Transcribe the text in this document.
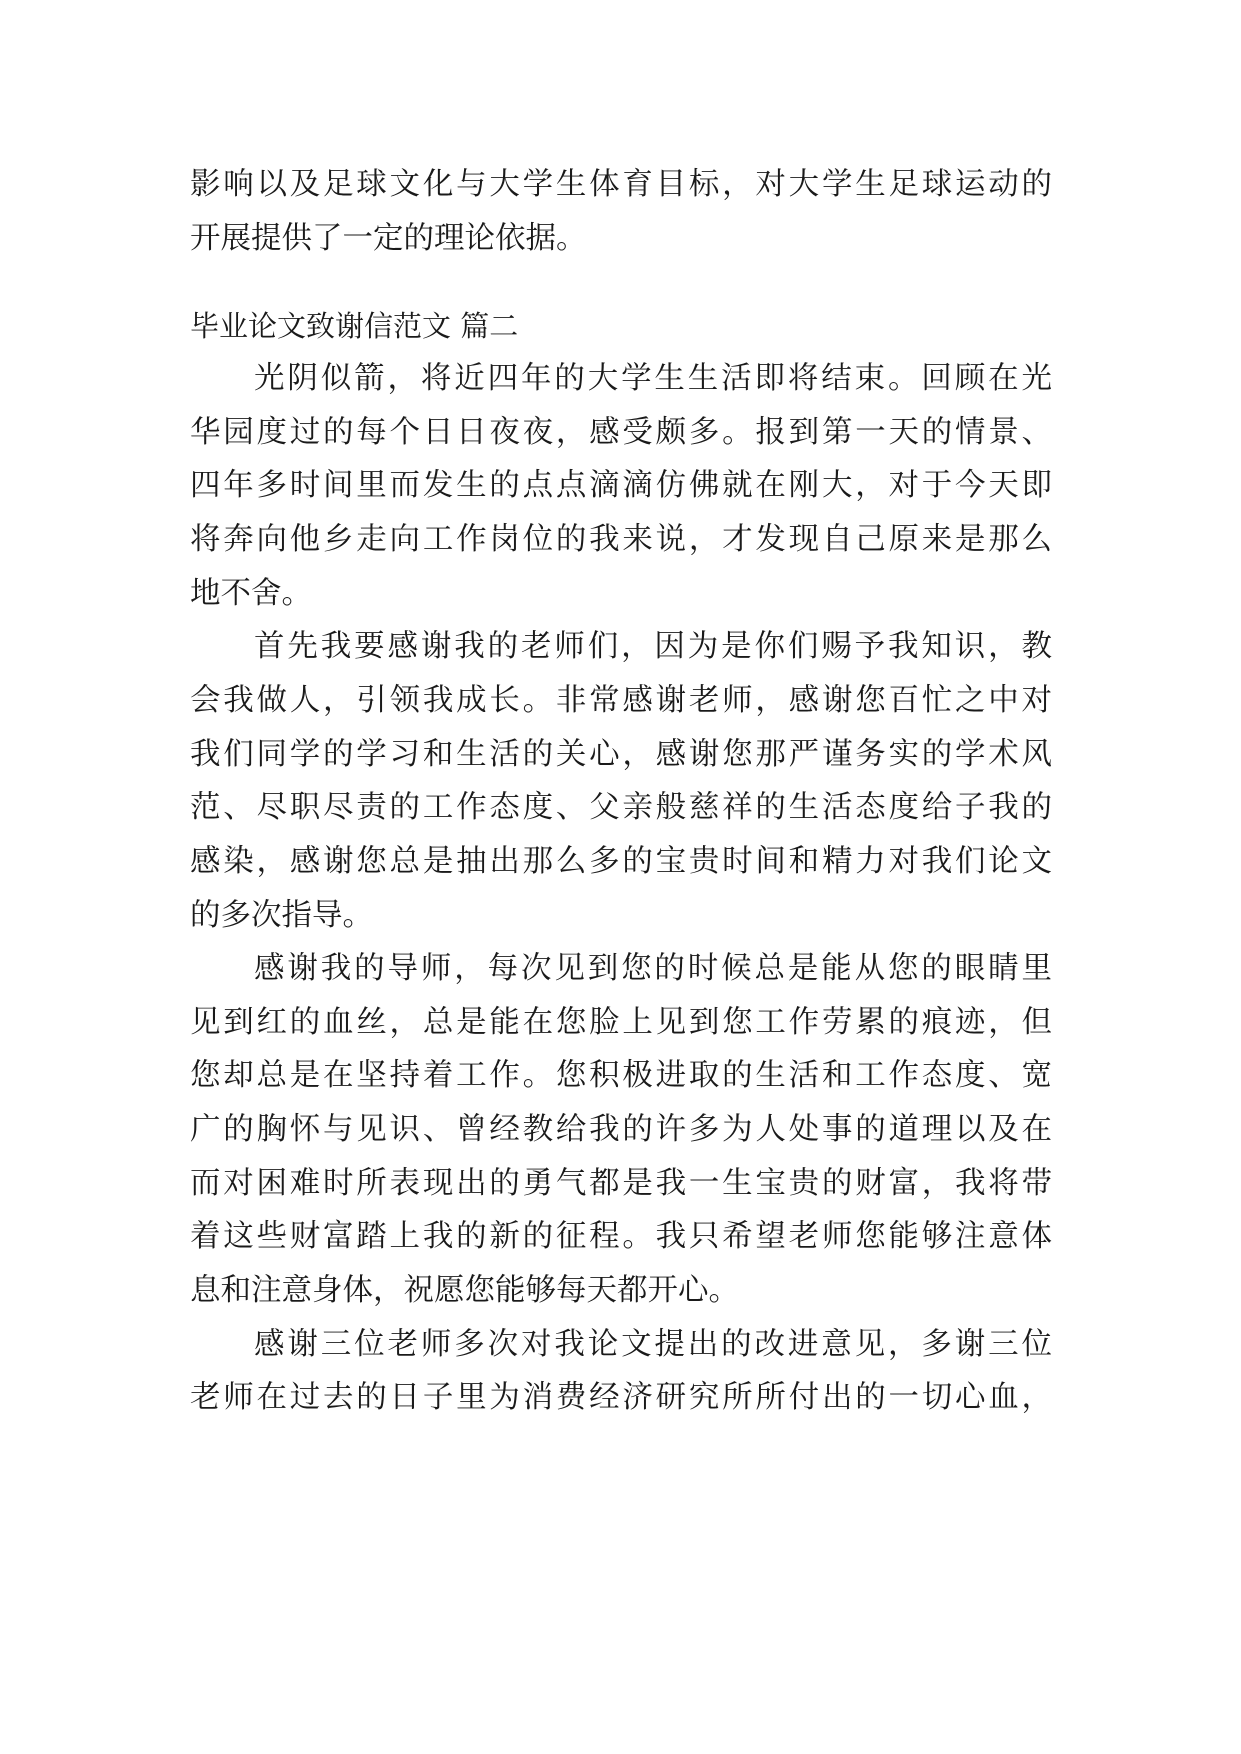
影响以及足球文化与大学生体育目标，对大学生足球运动的
开展提供了一定的理论依据。
毕业论文致谢信范文 篇二
光阴似箭，将近四年的大学生生活即将结束。回顾在光
华园度过的每个日日夜夜，感受颇多。报到第一天的情景、
四年多时间里而发生的点点滴滴仿佛就在刚大，对于今天即
将奔向他乡走向工作岗位的我来说，才发现自己原来是那么
地不舍。
首先我要感谢我的老师们，因为是你们赐予我知识，教
会我做人，引领我成长。非常感谢老师，感谢您百忙之中对
我们同学的学习和生活的关心，感谢您那严谨务实的学术风
范、尽职尽责的工作态度、父亲般慈祥的生活态度给子我的
感染，感谢您总是抽出那么多的宝贵时间和精力对我们论文
的多次指导。
感谢我的导师，每次见到您的时候总是能从您的眼睛里
见到红的血丝，总是能在您脸上见到您工作劳累的痕迹，但
您却总是在坚持着工作。您积极进取的生活和工作态度、宽
广的胸怀与见识、曾经教给我的许多为人处事的道理以及在
而对困难时所表现出的勇气都是我一生宝贵的财富，我将带
着这些财富踏上我的新的征程。我只希望老师您能够注意体
息和注意身体，祝愿您能够每天都开心。
感谢三位老师多次对我论文提出的改进意见，多谢三位
老师在过去的日子里为消费经济研究所所付出的一切心血，
